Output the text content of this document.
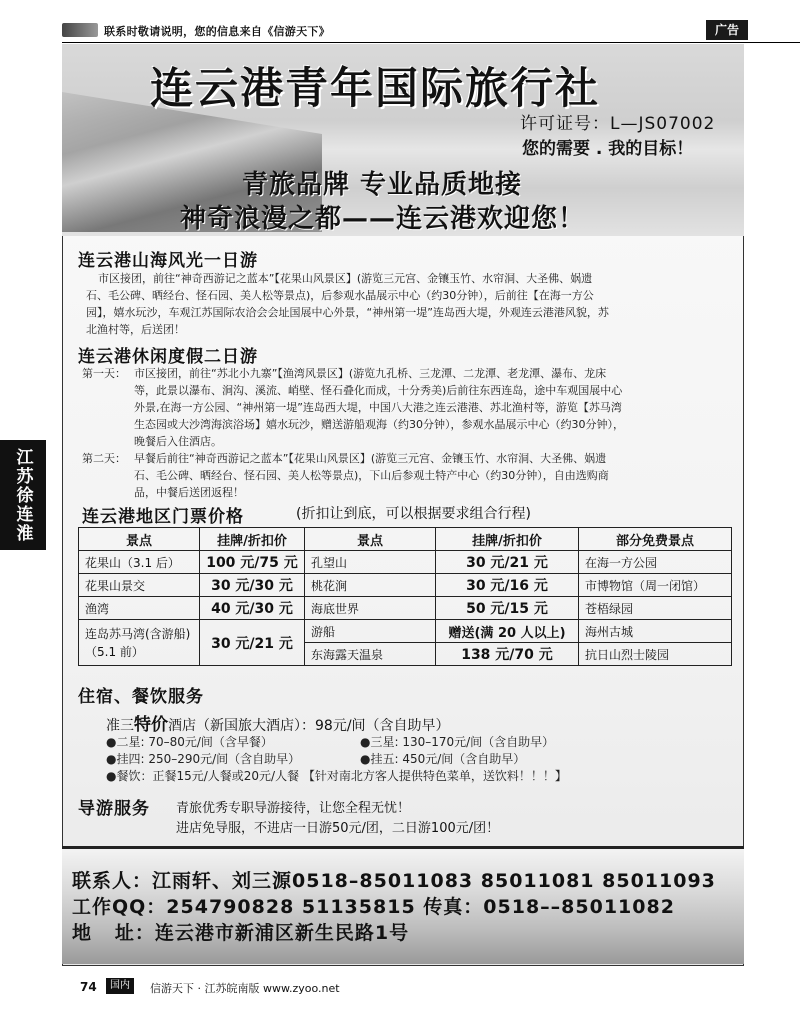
联系时敬请说明，您的信息来自《信游天下》	广告
连云港青年国际旅行社
许可证号：L—JS07002
您的需要 . 我的目标！
青旅品牌 专业品质地接
神奇浪漫之都——连云港欢迎您！
江苏徐连淮
连云港山海风光一日游
市区接团，前往“神奇西游记之蓝本”【花果山风景区】(游览三元宫、金镶玉竹、水帘洞、大圣佛、娲遗
石、毛公碑、晒经台、怪石园、美人松等景点)，后参观水晶展示中心（约30分钟），后前往【在海一方公
园】，嬉水玩沙，车观江苏国际农洽会会址国展中心外景，“神州第一堤”连岛西大堤，外观连云港港风貌，苏
北渔村等，后送团！
连云港休闲度假二日游
第一天： 市区接团，前往“苏北小九寨”【渔湾风景区】(游览九孔桥、三龙潭、二龙潭、老龙潭、瀑布、龙床
等，此景以瀑布、涧沟、溪流、峭壁、怪石叠化而成，十分秀美)后前往东西连岛，途中车观国展中心
外景,在海一方公园、“神州第一堤”连岛西大堤，中国八大港之连云港港、苏北渔村等，游览【苏马湾
生态园或大沙湾海滨浴场】嬉水玩沙，赠送游船观海（约30分钟），参观水晶展示中心（约30分钟），
晚餐后入住酒店。
第二天： 早餐后前往“神奇西游记之蓝本”【花果山风景区】(游览三元宫、金镶玉竹、水帘洞、大圣佛、娲遗
石、毛公碑、晒经台、怪石园、美人松等景点)，下山后参观土特产中心（约30分钟），自由选购商
品，中餐后送团返程！
连云港地区门票价格	(折扣让到底，可以根据要求组合行程)
景点	挂牌/折扣价	景点	挂牌/折扣价	部分免费景点
花果山（3.1 后）	100 元/75 元	孔望山	30 元/21 元	在海一方公园
花果山景交	30 元/30 元	桃花涧	30 元/16 元	市博物馆（周一闭馆）
渔湾	40 元/30 元	海底世界	50 元/15 元	苍梧绿园
连岛苏马湾(含游船)（5.1 前）	30 元/21 元	游船	赠送(满 20 人以上)	海州古城
		东海露天温泉	138 元/70 元	抗日山烈士陵园
住宿、餐饮服务
准三特价酒店（新国旅大酒店）：98元/间（含自助早）
●二星: 70–80元/间（含早餐）	●三星: 130–170元/间（含自助早）
●挂四: 250–290元/间（含自助早）	●挂五: 450元/间（含自助早）
●餐饮：正餐15元/人餐或20元/人餐 【针对南北方客人提供特色菜单，送饮料！！！】
导游服务 青旅优秀专职导游接待，让您全程无忧！
进店免导服，不进店一日游50元/团，二日游100元/团！
联系人：江雨轩、刘三源0518–85011083 85011081 85011093
工作QQ：254790828 51135815 传真：0518––85011082
地   址：连云港市新浦区新生民路1号
74	国内	信游天下 · 江苏皖南版 www.zyoo.net
